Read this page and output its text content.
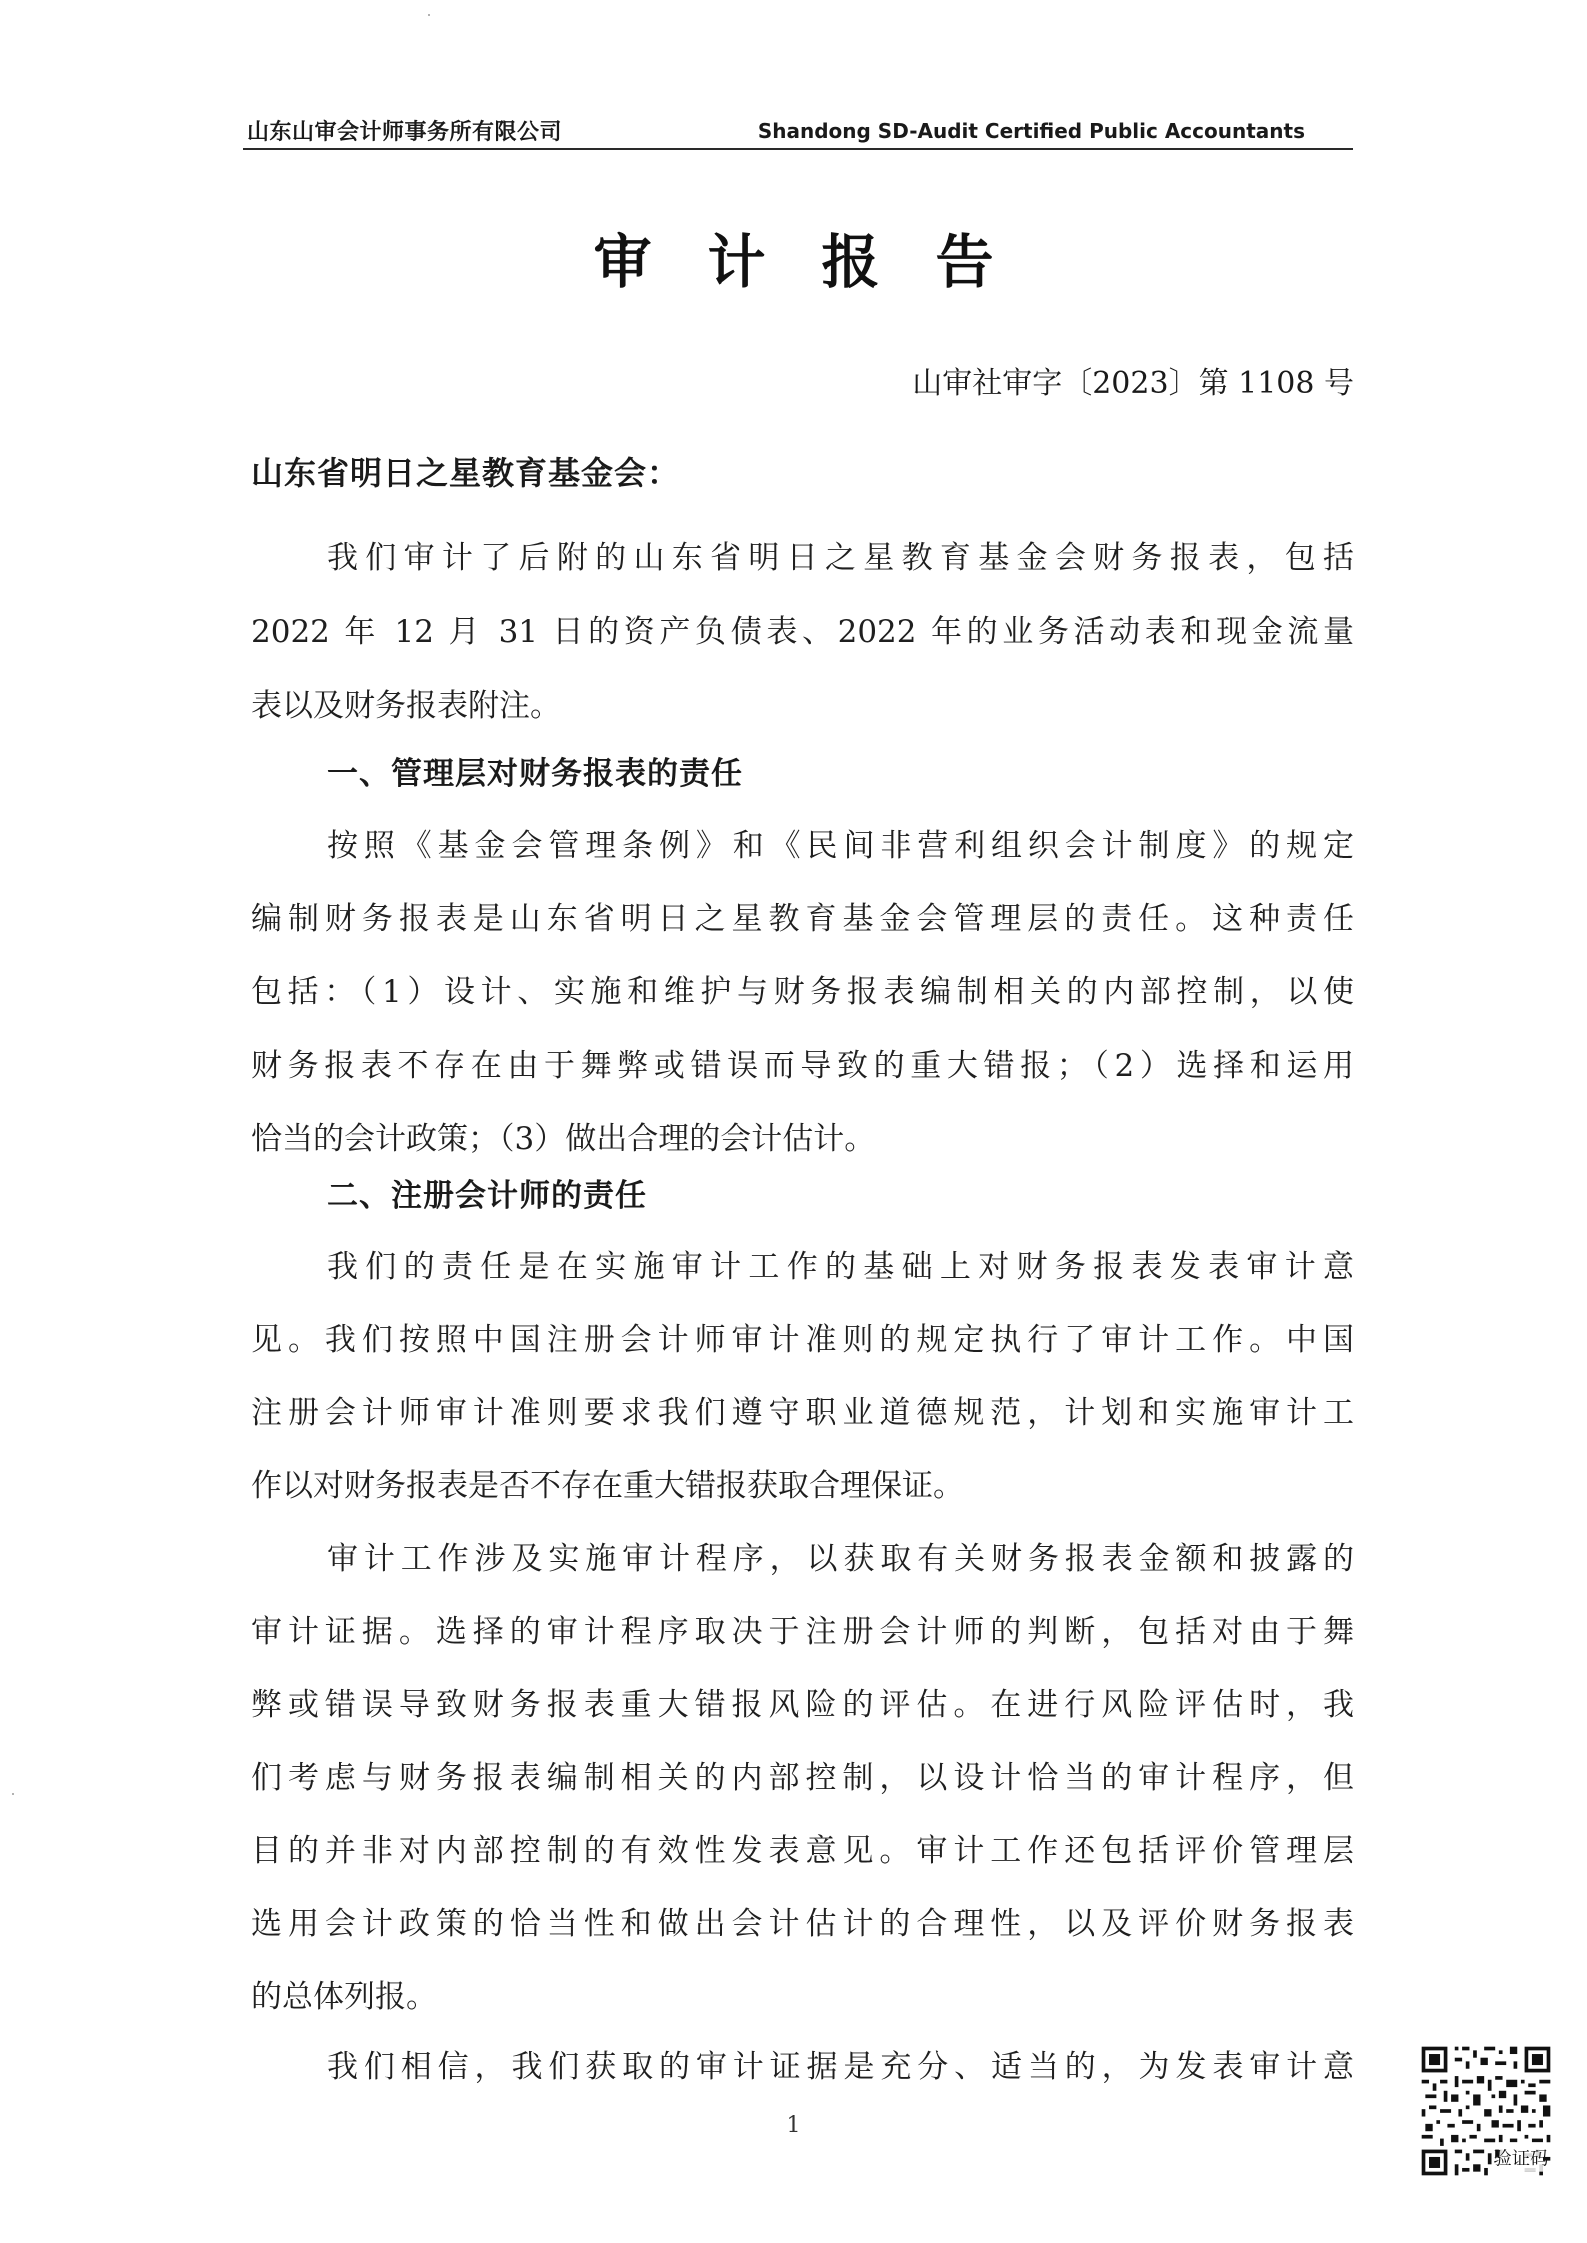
山东山审会计师事务所有限公司	Shandong SD-Audit Certified Public Accountants
审计报告
山审社审字〔2023〕第 1108 号
山东省明日之星教育基金会：
我们审计了后附的山东省明日之星教育基金会财务报表，包括
2022 年 12 月 31 日的资产负债表、2022 年的业务活动表和现金流量
表以及财务报表附注。
一、管理层对财务报表的责任
按照《基金会管理条例》和《民间非营利组织会计制度》的规定
编制财务报表是山东省明日之星教育基金会管理层的责任。这种责任
包括：（1）设计、实施和维护与财务报表编制相关的内部控制，以使
财务报表不存在由于舞弊或错误而导致的重大错报；（2）选择和运用
恰当的会计政策；（3）做出合理的会计估计。
二、注册会计师的责任
我们的责任是在实施审计工作的基础上对财务报表发表审计意
见。我们按照中国注册会计师审计准则的规定执行了审计工作。中国
注册会计师审计准则要求我们遵守职业道德规范，计划和实施审计工
作以对财务报表是否不存在重大错报获取合理保证。
审计工作涉及实施审计程序，以获取有关财务报表金额和披露的
审计证据。选择的审计程序取决于注册会计师的判断，包括对由于舞
弊或错误导致财务报表重大错报风险的评估。在进行风险评估时，我
们考虑与财务报表编制相关的内部控制，以设计恰当的审计程序，但
目的并非对内部控制的有效性发表意见。审计工作还包括评价管理层
选用会计政策的恰当性和做出会计估计的合理性，以及评价财务报表
的总体列报。
我们相信，我们获取的审计证据是充分、适当的，为发表审计意
1
验证码
